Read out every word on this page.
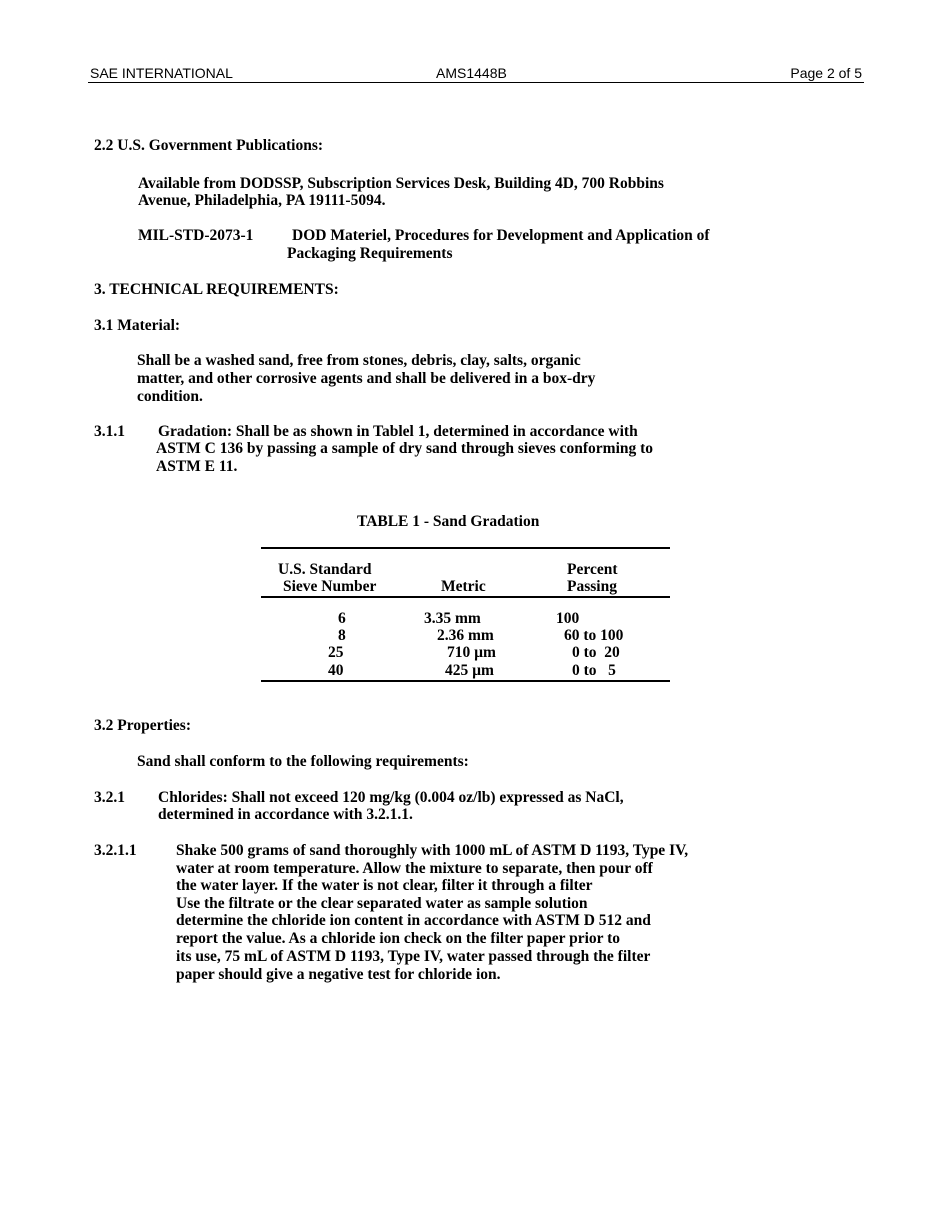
SAE INTERNATIONAL	AMS1448B	Page 2 of 5
2.2 U.S. Government Publications:
Available from DODSSP, Subscription Services Desk, Building 4D, 700 Robbins
Avenue, Philadelphia, PA 19111-5094.
MIL-STD-2073-1 DOD Materiel, Procedures for Development and Application of
Packaging Requirements
3. TECHNICAL REQUIREMENTS:
3.1 Material:
Shall be a washed sand, free from stones, debris, clay, salts, organic
matter, and other corrosive agents and shall be delivered in a box-dry
condition.
3.1.1 Gradation: Shall be as shown in Tablel 1, determined in accordance with
ASTM C 136 by passing a sample of dry sand through sieves conforming to
ASTM E 11.
TABLE 1 - Sand Gradation
U.S. Standard
Sieve Number	Metric
Percent
Passing
6	3.35 mm	100
8	2.36 mm	60 to 100
25	710 µm	0 to  20
40	425 µm	0 to   5
3.2 Properties:
Sand shall conform to the following requirements:
3.2.1 Chlorides: Shall not exceed 120 mg/kg (0.004 oz/lb) expressed as NaCl,
determined in accordance with 3.2.1.1.
3.2.1.1	Shake 500 grams of sand thoroughly with 1000 mL of ASTM D 1193, Type IV,
water at room temperature. Allow the mixture to separate, then pour off
the water layer. If the water is not clear, filter it through a filter
Use the filtrate or the clear separated water as sample solution
determine the chloride ion content in accordance with ASTM D 512 and
report the value. As a chloride ion check on the filter paper prior to
its use, 75 mL of ASTM D 1193, Type IV, water passed through the filter
paper should give a negative test for chloride ion.
